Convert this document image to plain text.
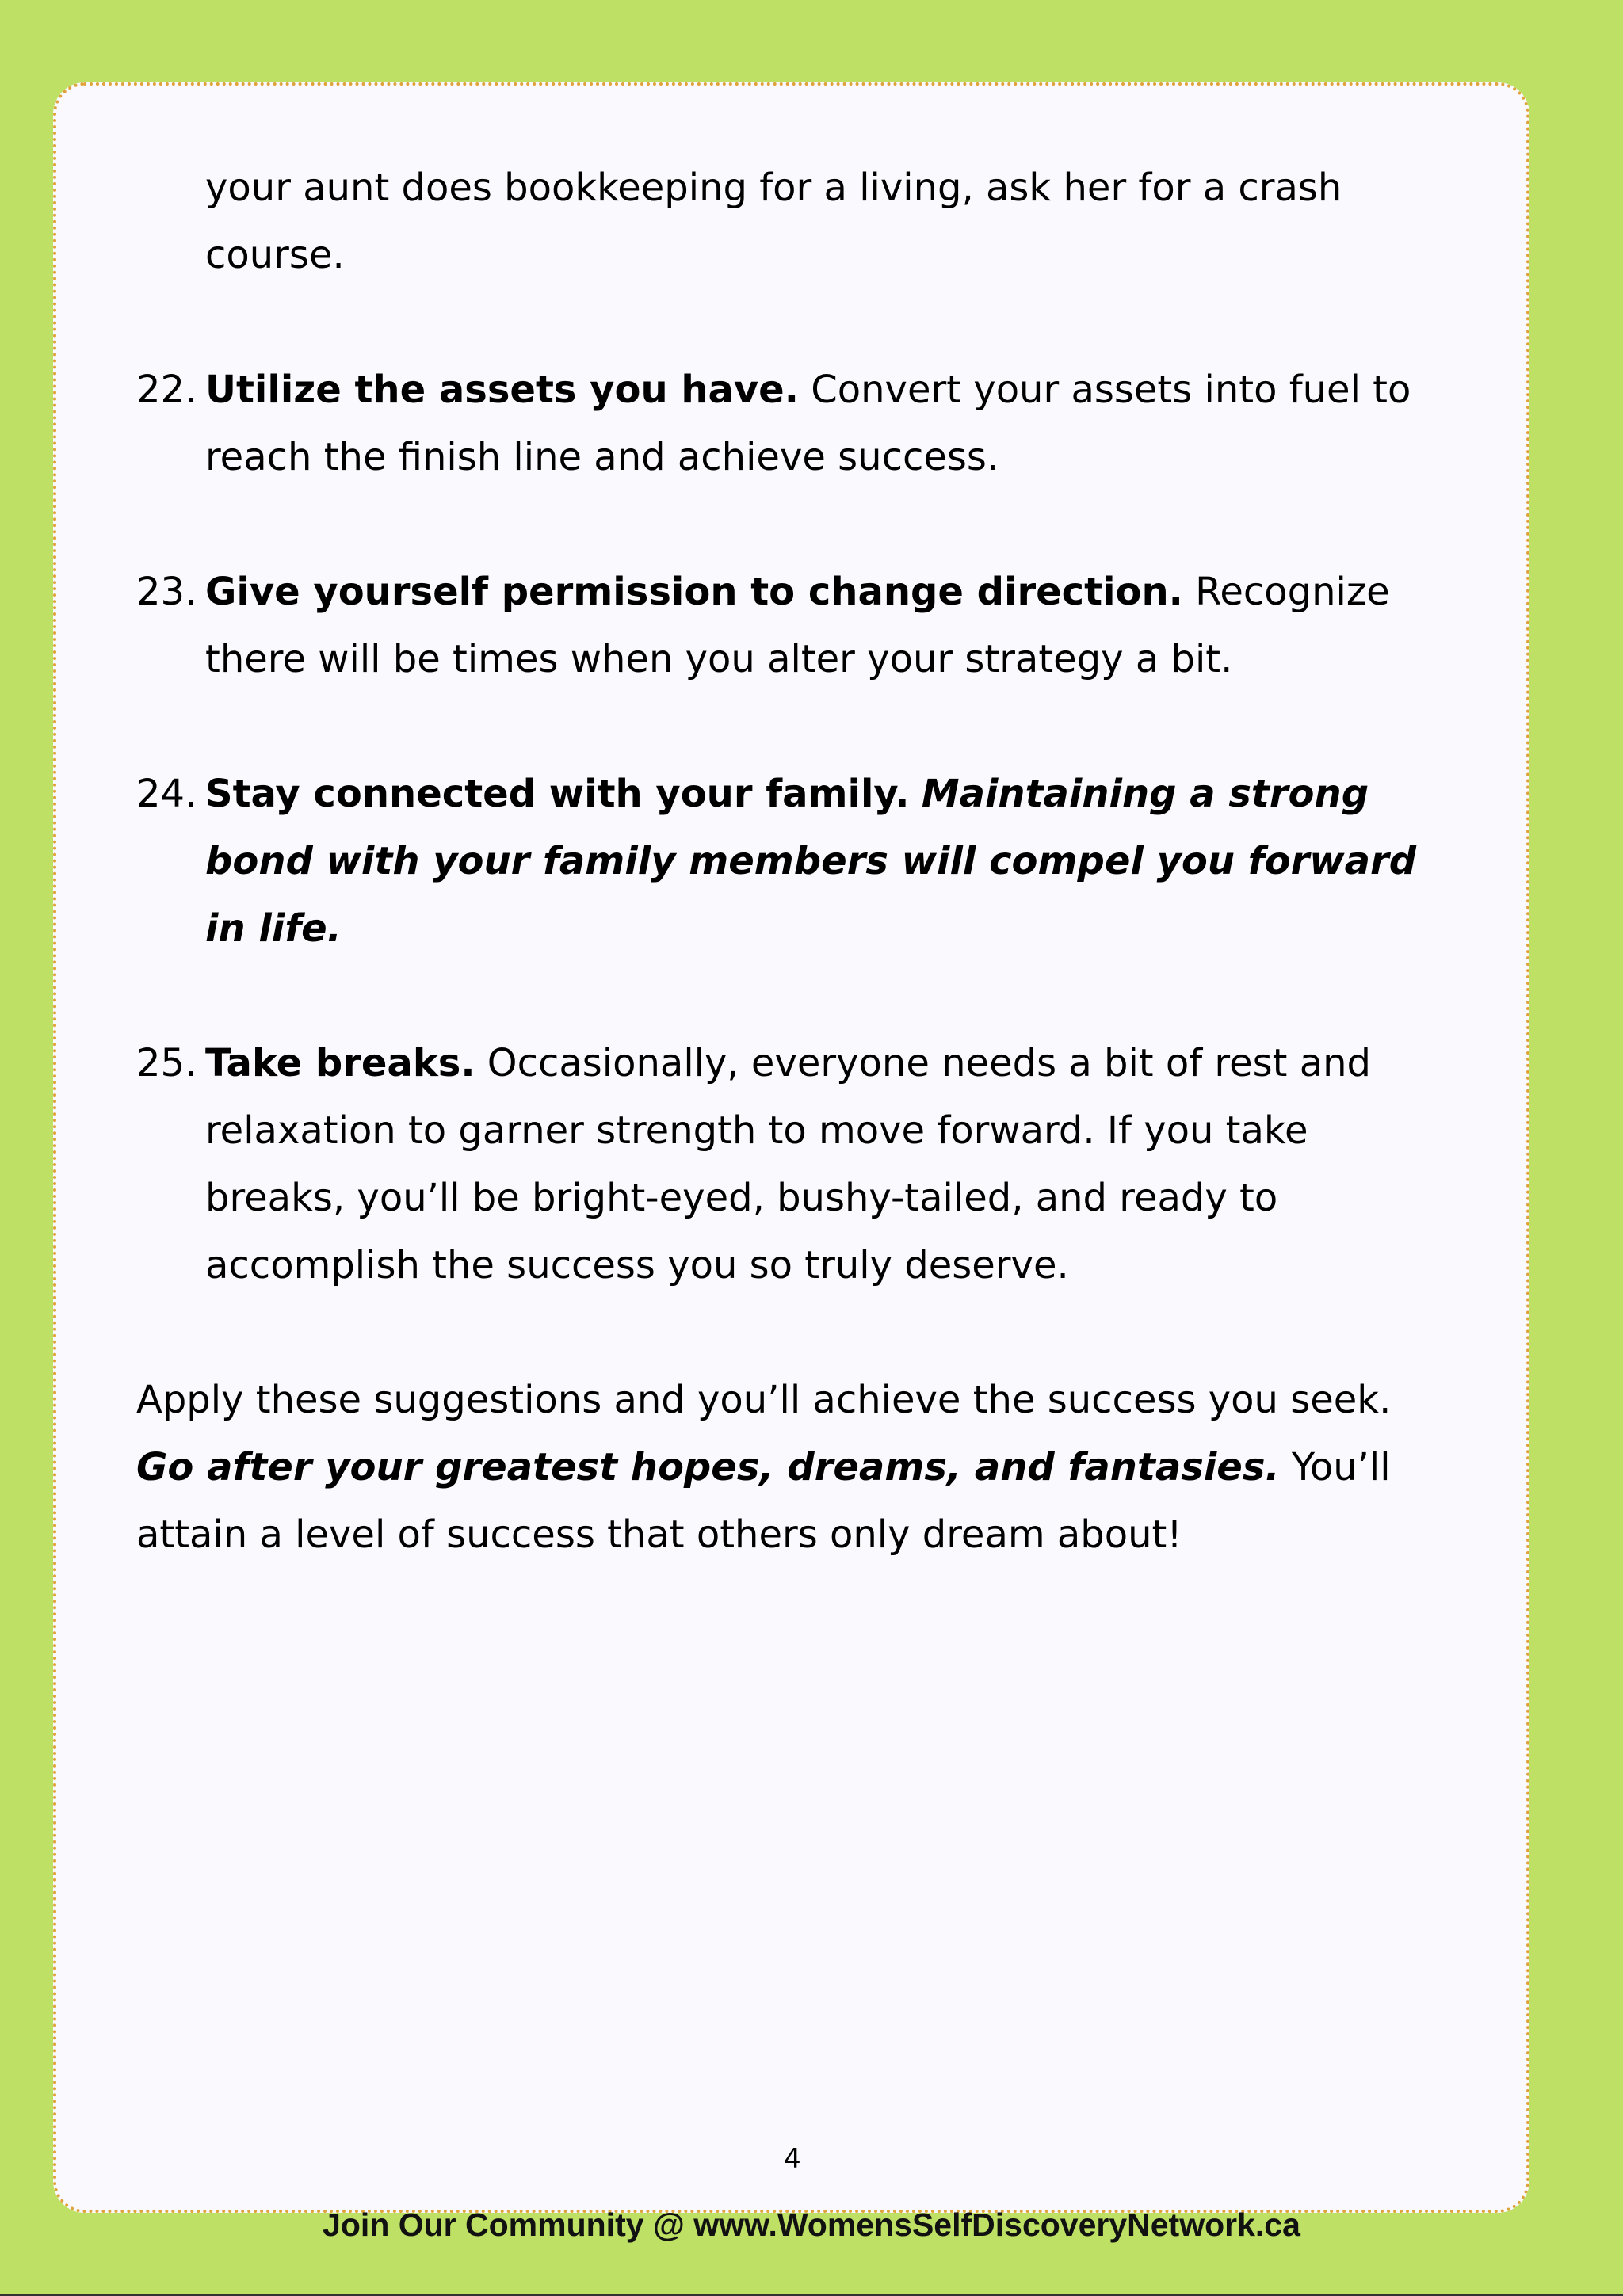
your aunt does bookkeeping for a living, ask her for a crash course.
22. Utilize the assets you have. Convert your assets into fuel to reach the finish line and achieve success.
23. Give yourself permission to change direction. Recognize there will be times when you alter your strategy a bit.
24. Stay connected with your family. Maintaining a strong bond with your family members will compel you forward in life.
25. Take breaks. Occasionally, everyone needs a bit of rest and relaxation to garner strength to move forward. If you take breaks, you’ll be bright-eyed, bushy-tailed, and ready to accomplish the success you so truly deserve.
Apply these suggestions and you’ll achieve the success you seek. Go after your greatest hopes, dreams, and fantasies. You’ll attain a level of success that others only dream about!
4
Join Our Community @ www.WomensSelfDiscoveryNetwork.ca
